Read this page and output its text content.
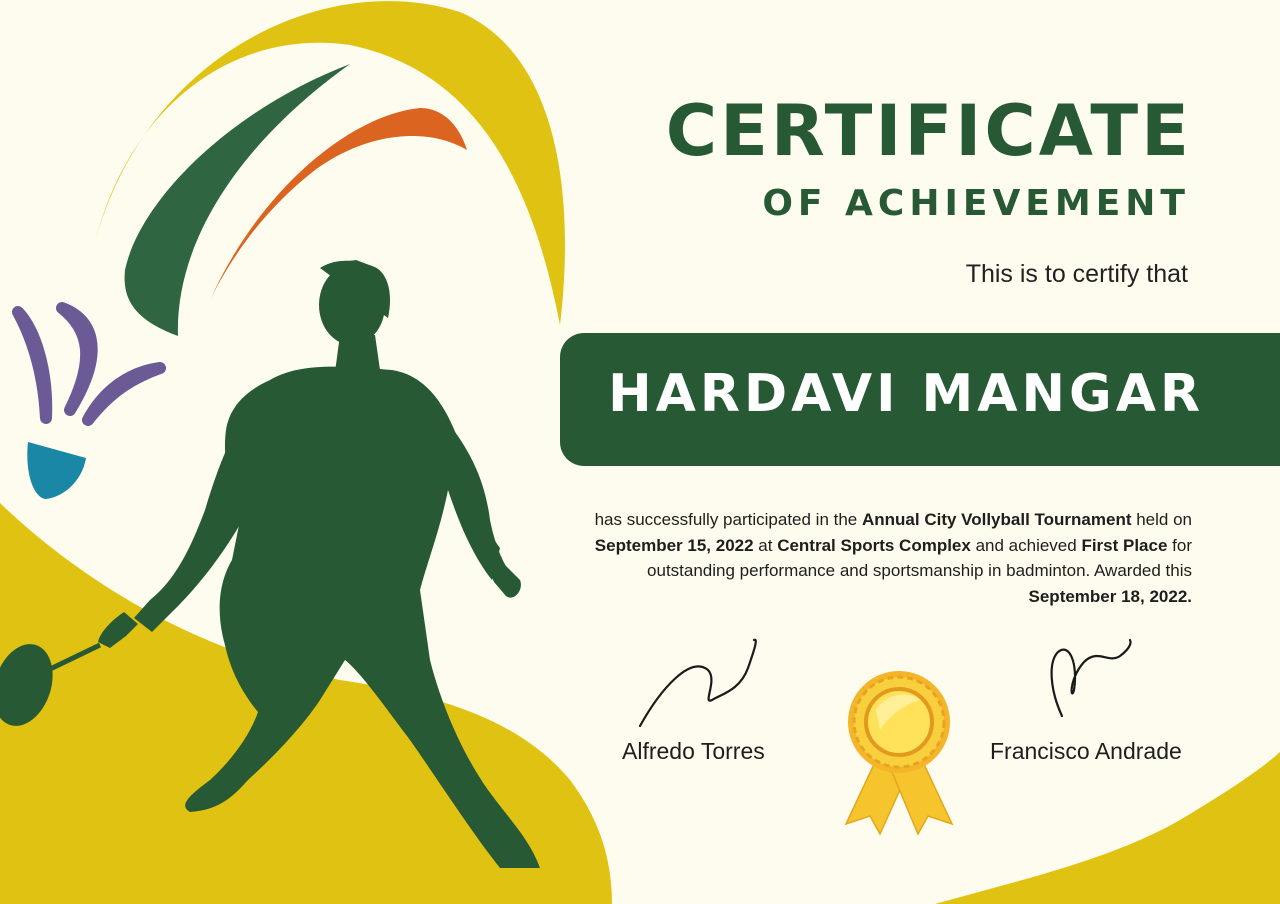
CERTIFICATE
OF ACHIEVEMENT
This is to certify that
HARDAVI MANGAR
has successfully participated in the Annual City Vollyball Tournament held on September 15, 2022 at Central Sports Complex and achieved First Place for outstanding performance and sportsmanship in badminton. Awarded this September 18, 2022.
Alfredo Torres	Francisco Andrade
